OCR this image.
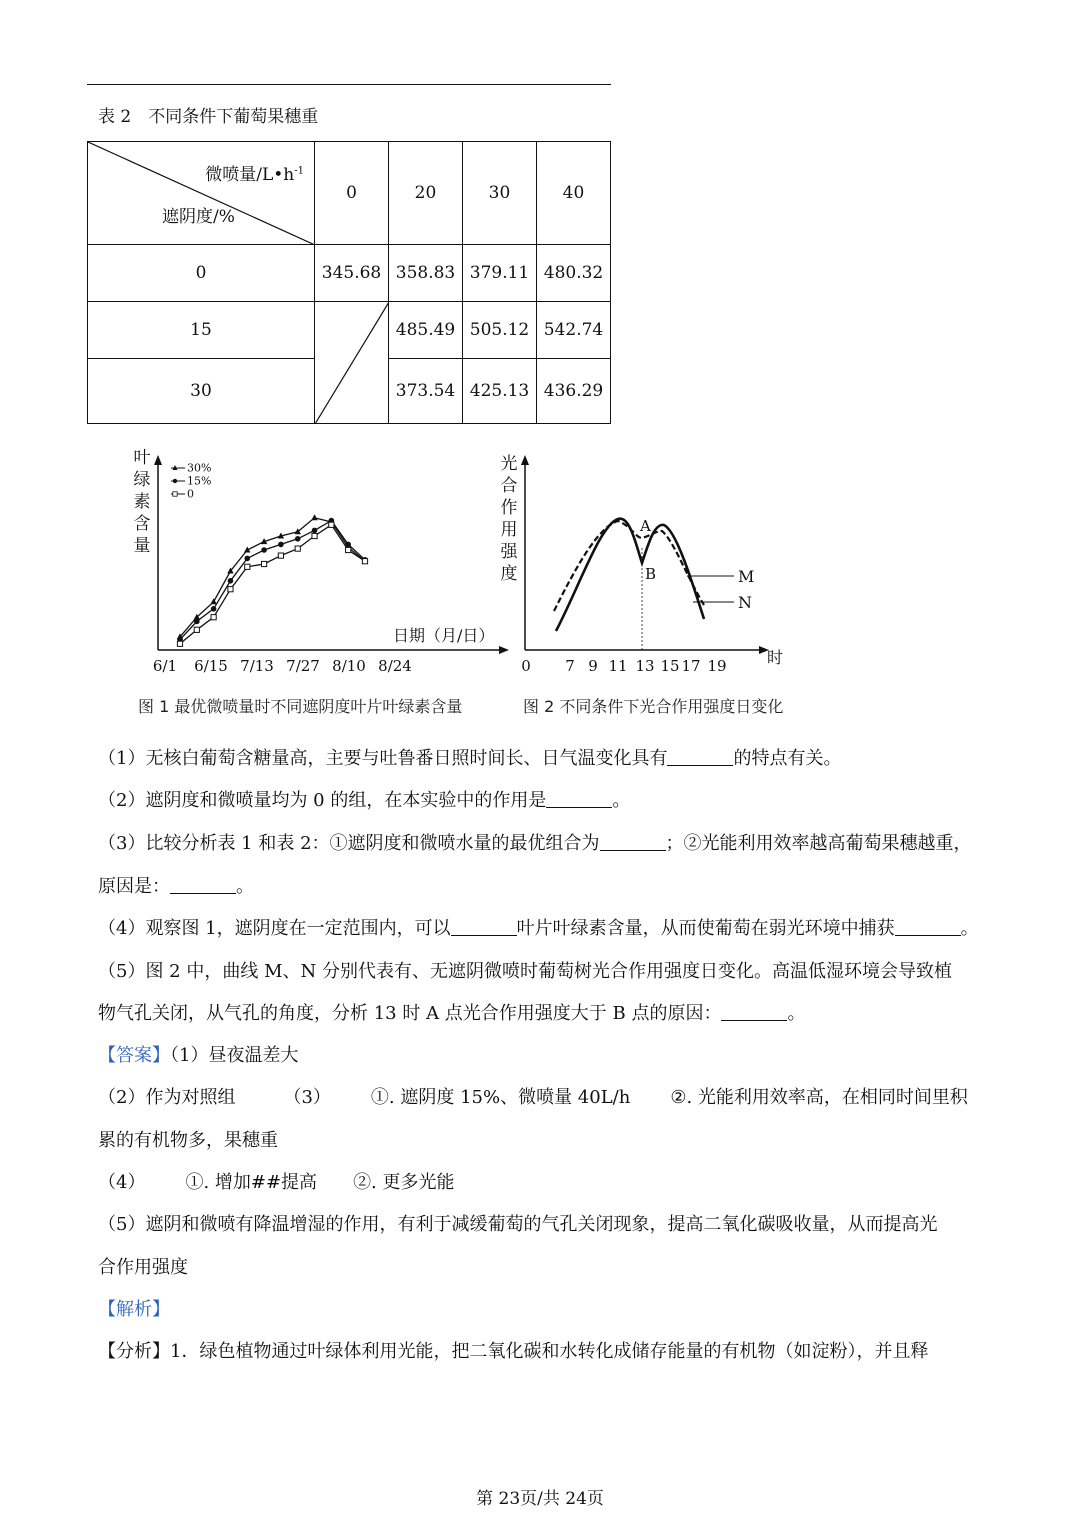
表 2　不同条件下葡萄果穗重
微喷量$/L•h^{-1}$
遮阴度/%	0	20	30	40
0	345.68	358.83	379.11	480.32
15		485.49	505.12	542.74
30		373.54	425.13	436.29
叶
绿
素
含
量
30%
15%
0
日期（月/日）
6/1 6/15 7/13 7/27 8/10 8/24
图 1 最优微喷量时不同遮阴度叶片叶绿素含量
光
合
作
用
强
度	M
N
A
B
0 7 9 11 13 15 17 19	时
图 2 不同条件下光合作用强度日变化
（1）无核白葡萄含糖量高，主要与吐鲁番日照时间长、日气温变化具有	的特点有关。
（2）遮阴度和微喷量均为 0 的组，在本实验中的作用是	。
（3）比较分析表 1 和表 2：①遮阴度和微喷水量的最优组合为	；②光能利用效率越高葡萄果穗越重，
原因是：	。
（4）观察图 1，遮阴度在一定范围内，可以	叶片叶绿素含量，从而使葡萄在弱光环境中捕获	。
（5）图 2 中，曲线 M、N 分别代表有、无遮阴微喷时葡萄树光合作用强度日变化。高温低湿环境会导致植
物气孔关闭，从气孔的角度，分析 13 时 A 点光合作用强度大于 B 点的原因：	。
【答案】（1）昼夜温差大
（2）作为对照组	（3） ①. 遮阴度 15%、微喷量 40L/h ②. 光能利用效率高，在相同时间里积
累的有机物多，果穗重
（4） ①. 增加##提高 ②. 更多光能
（5）遮阴和微喷有降温增湿的作用，有利于减缓葡萄的气孔关闭现象，提高二氧化碳吸收量，从而提高光
合作用强度
【解析】
【分析】1．绿色植物通过叶绿体利用光能，把二氧化碳和水转化成储存能量的有机物（如淀粉），并且释
第 23页/共 24页
